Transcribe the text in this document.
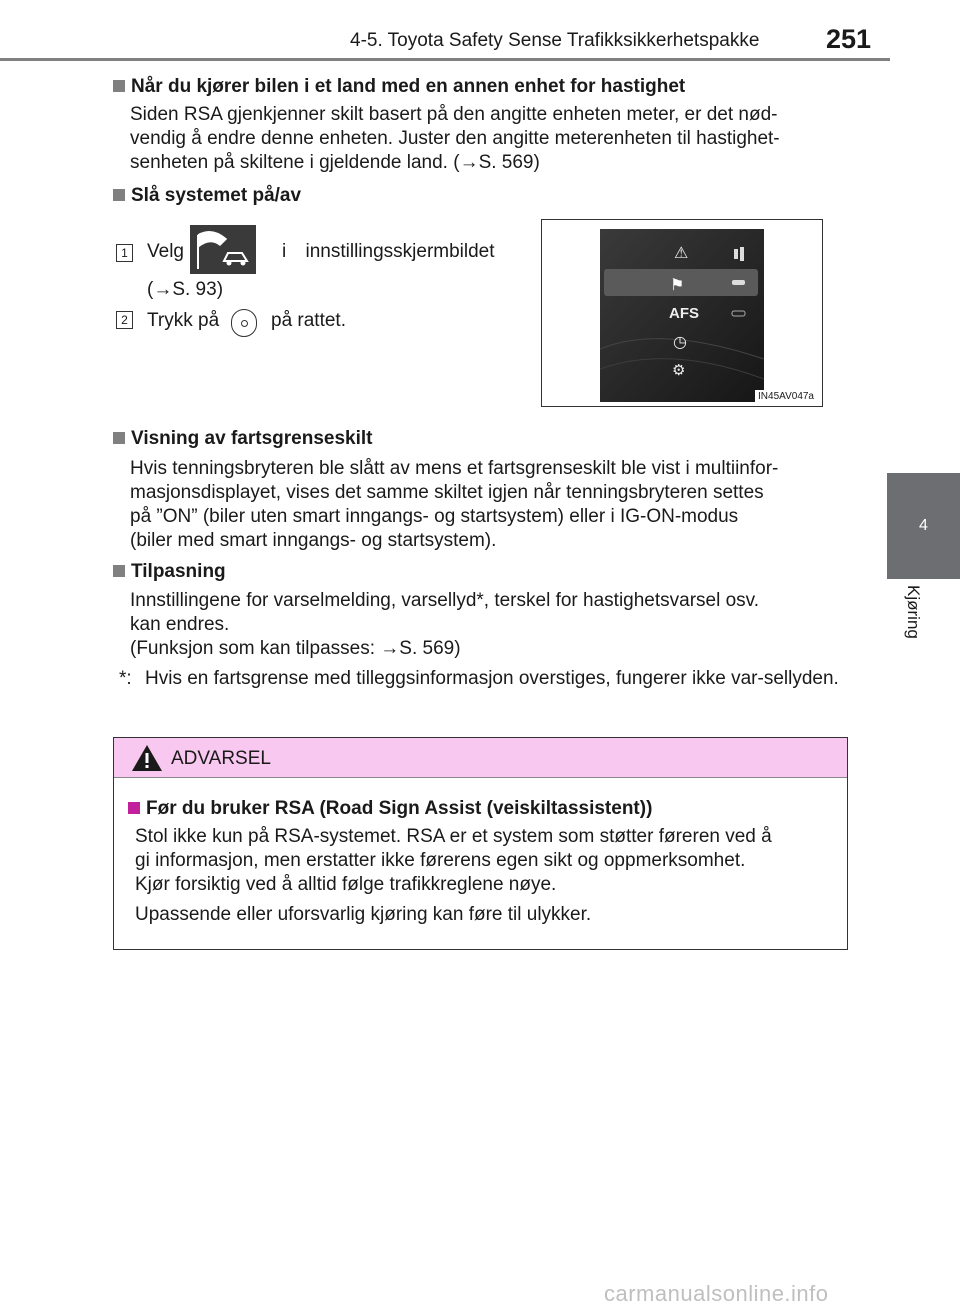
4-5. Toyota Safety Sense Trafikksikkerhetspakke 251
4
Kjøring
Når du kjører bilen i et land med en annen enhet for hastighet

Siden RSA gjenkjenner skilt basert på den angitte enheten meter, er det nød-

vendig å endre denne enheten. Juster den angitte meterenheten til hastighet-

senheten på skiltene i gjeldende land. (→S. 569)

Slå systemet på/av
1 Velg	i innstillingsskjermbildet
(→S. 93)
2 Trykk på	på rattet.
⚠
⚑
AFS
◷
⚙
IN45AV047a
Visning av fartsgrenseskilt

Hvis tenningsbryteren ble slått av mens et fartsgrenseskilt ble vist i multiinfor-

masjonsdisplayet, vises det samme skiltet igjen når tenningsbryteren settes

på ”ON” (biler uten smart inngangs- og startsystem) eller i IG-ON-modus

(biler med smart inngangs- og startsystem).

Tilpasning

Innstillingene for varselmelding, varsellyd*, terskel for hastighetsvarsel osv.

kan endres.

(Funksjon som kan tilpasses: →S. 569)

*: Hvis en fartsgrense med tilleggsinformasjon overstiges, fungerer ikke var-sellyden.
ADVARSEL
Før du bruker RSA (Road Sign Assist (veiskiltassistent))

Stol ikke kun på RSA-systemet. RSA er et system som støtter føreren ved å

gi informasjon, men erstatter ikke førerens egen sikt og oppmerksomhet.

Kjør forsiktig ved å alltid følge trafikkreglene nøye.

Upassende eller uforsvarlig kjøring kan føre til ulykker.

carmanualsonline.info
